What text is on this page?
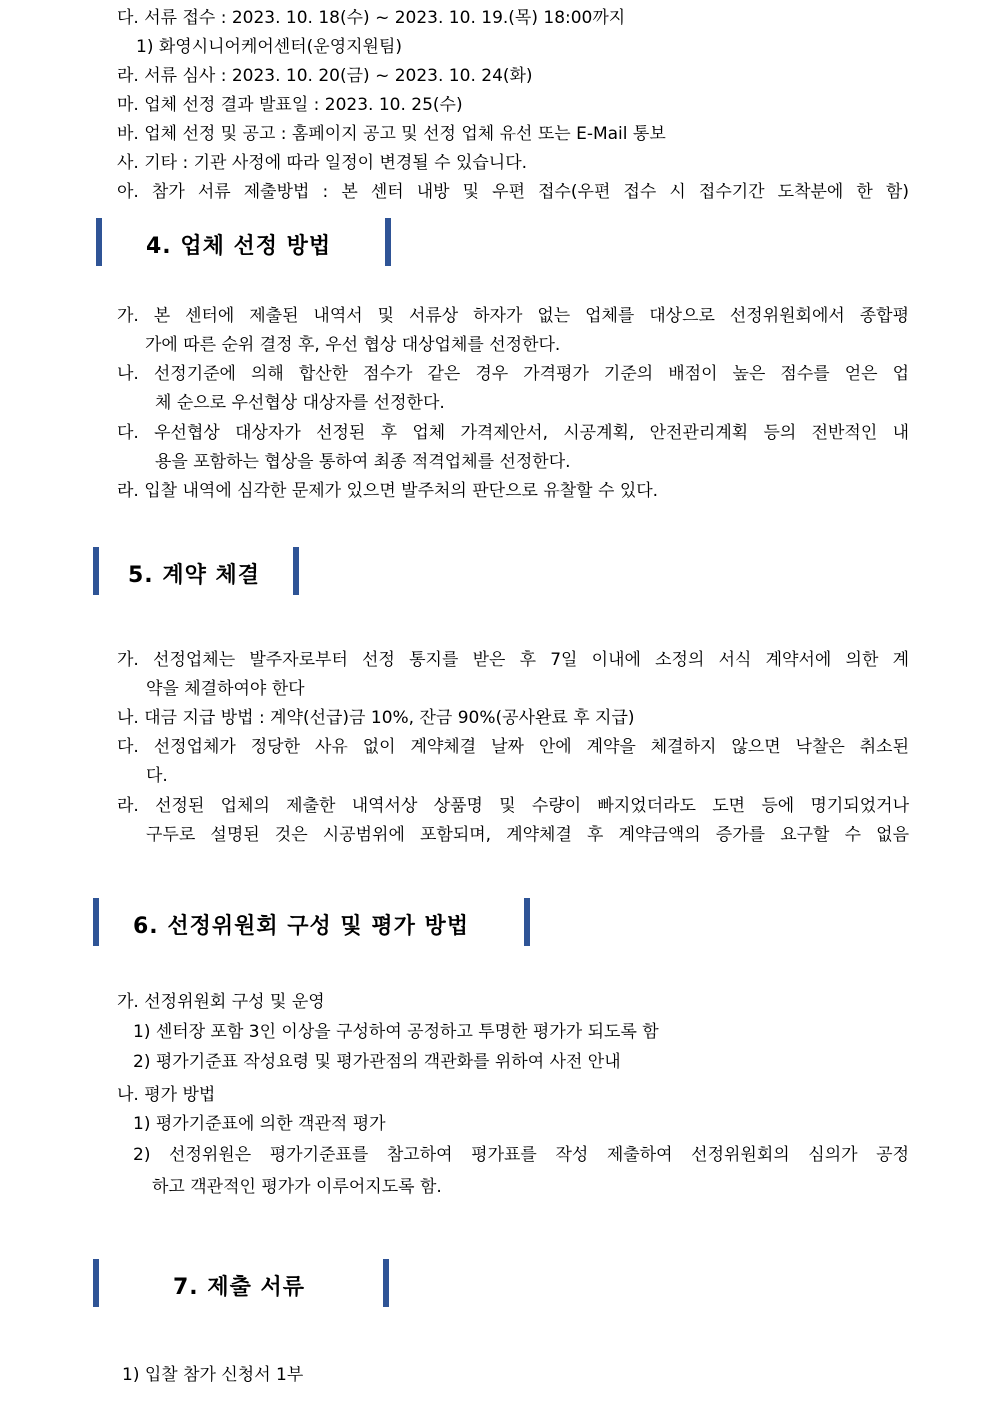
다. 서류 접수 : 2023. 10. 18(수) ~ 2023. 10. 19.(목) 18:00까지
1) 화영시니어케어센터(운영지원팀)
라. 서류 심사 : 2023. 10. 20(금) ~ 2023. 10. 24(화)
마. 업체 선정 결과 발표일 : 2023. 10. 25(수)
바. 업체 선정 및 공고 : 홈페이지 공고 및 선정 업체 유선 또는 E-Mail 통보
사. 기타 : 기관 사정에 따라 일정이 변경될 수 있습니다.
아. 참가 서류 제출방법 : 본 센터 내방 및 우편 접수(우편 접수 시 접수기간 도착분에 한 함)
4. 업체 선정 방법
가. 본 센터에 제출된 내역서 및 서류상 하자가 없는 업체를 대상으로 선정위원회에서 종합평
가에 따른 순위 결정 후, 우선 협상 대상업체를 선정한다.
나. 선정기준에 의해 합산한 점수가 같은 경우 가격평가 기준의 배점이 높은 점수를 얻은 업
체 순으로 우선협상 대상자를 선정한다.
다. 우선협상 대상자가 선정된 후 업체 가격제안서, 시공계획, 안전관리계획 등의 전반적인 내
용을 포함하는 협상을 통하여 최종 적격업체를 선정한다.
라. 입찰 내역에 심각한 문제가 있으면 발주처의 판단으로 유찰할 수 있다.
5. 계약 체결
가. 선정업체는 발주자로부터 선정 통지를 받은 후 7일 이내에 소정의 서식 계약서에 의한 계
약을 체결하여야 한다
나. 대금 지급 방법 : 계약(선급)금 10%, 잔금 90%(공사완료 후 지급)
다. 선정업체가 정당한 사유 없이 계약체결 날짜 안에 계약을 체결하지 않으면 낙찰은 취소된
다.
라. 선정된 업체의 제출한 내역서상 상품명 및 수량이 빠지었더라도 도면 등에 명기되었거나
구두로 설명된 것은 시공범위에 포함되며, 계약체결 후 계약금액의 증가를 요구할 수 없음
6. 선정위원회 구성 및 평가 방법
가. 선정위원회 구성 및 운영
1) 센터장 포함 3인 이상을 구성하여 공정하고 투명한 평가가 되도록 함
2) 평가기준표 작성요령 및 평가관점의 객관화를 위하여 사전 안내
나. 평가 방법
1) 평가기준표에 의한 객관적 평가
2) 선정위원은 평가기준표를 참고하여 평가표를 작성 제출하여 선정위원회의 심의가 공정
하고 객관적인 평가가 이루어지도록 함.
7. 제출 서류
1) 입찰 참가 신청서 1부
